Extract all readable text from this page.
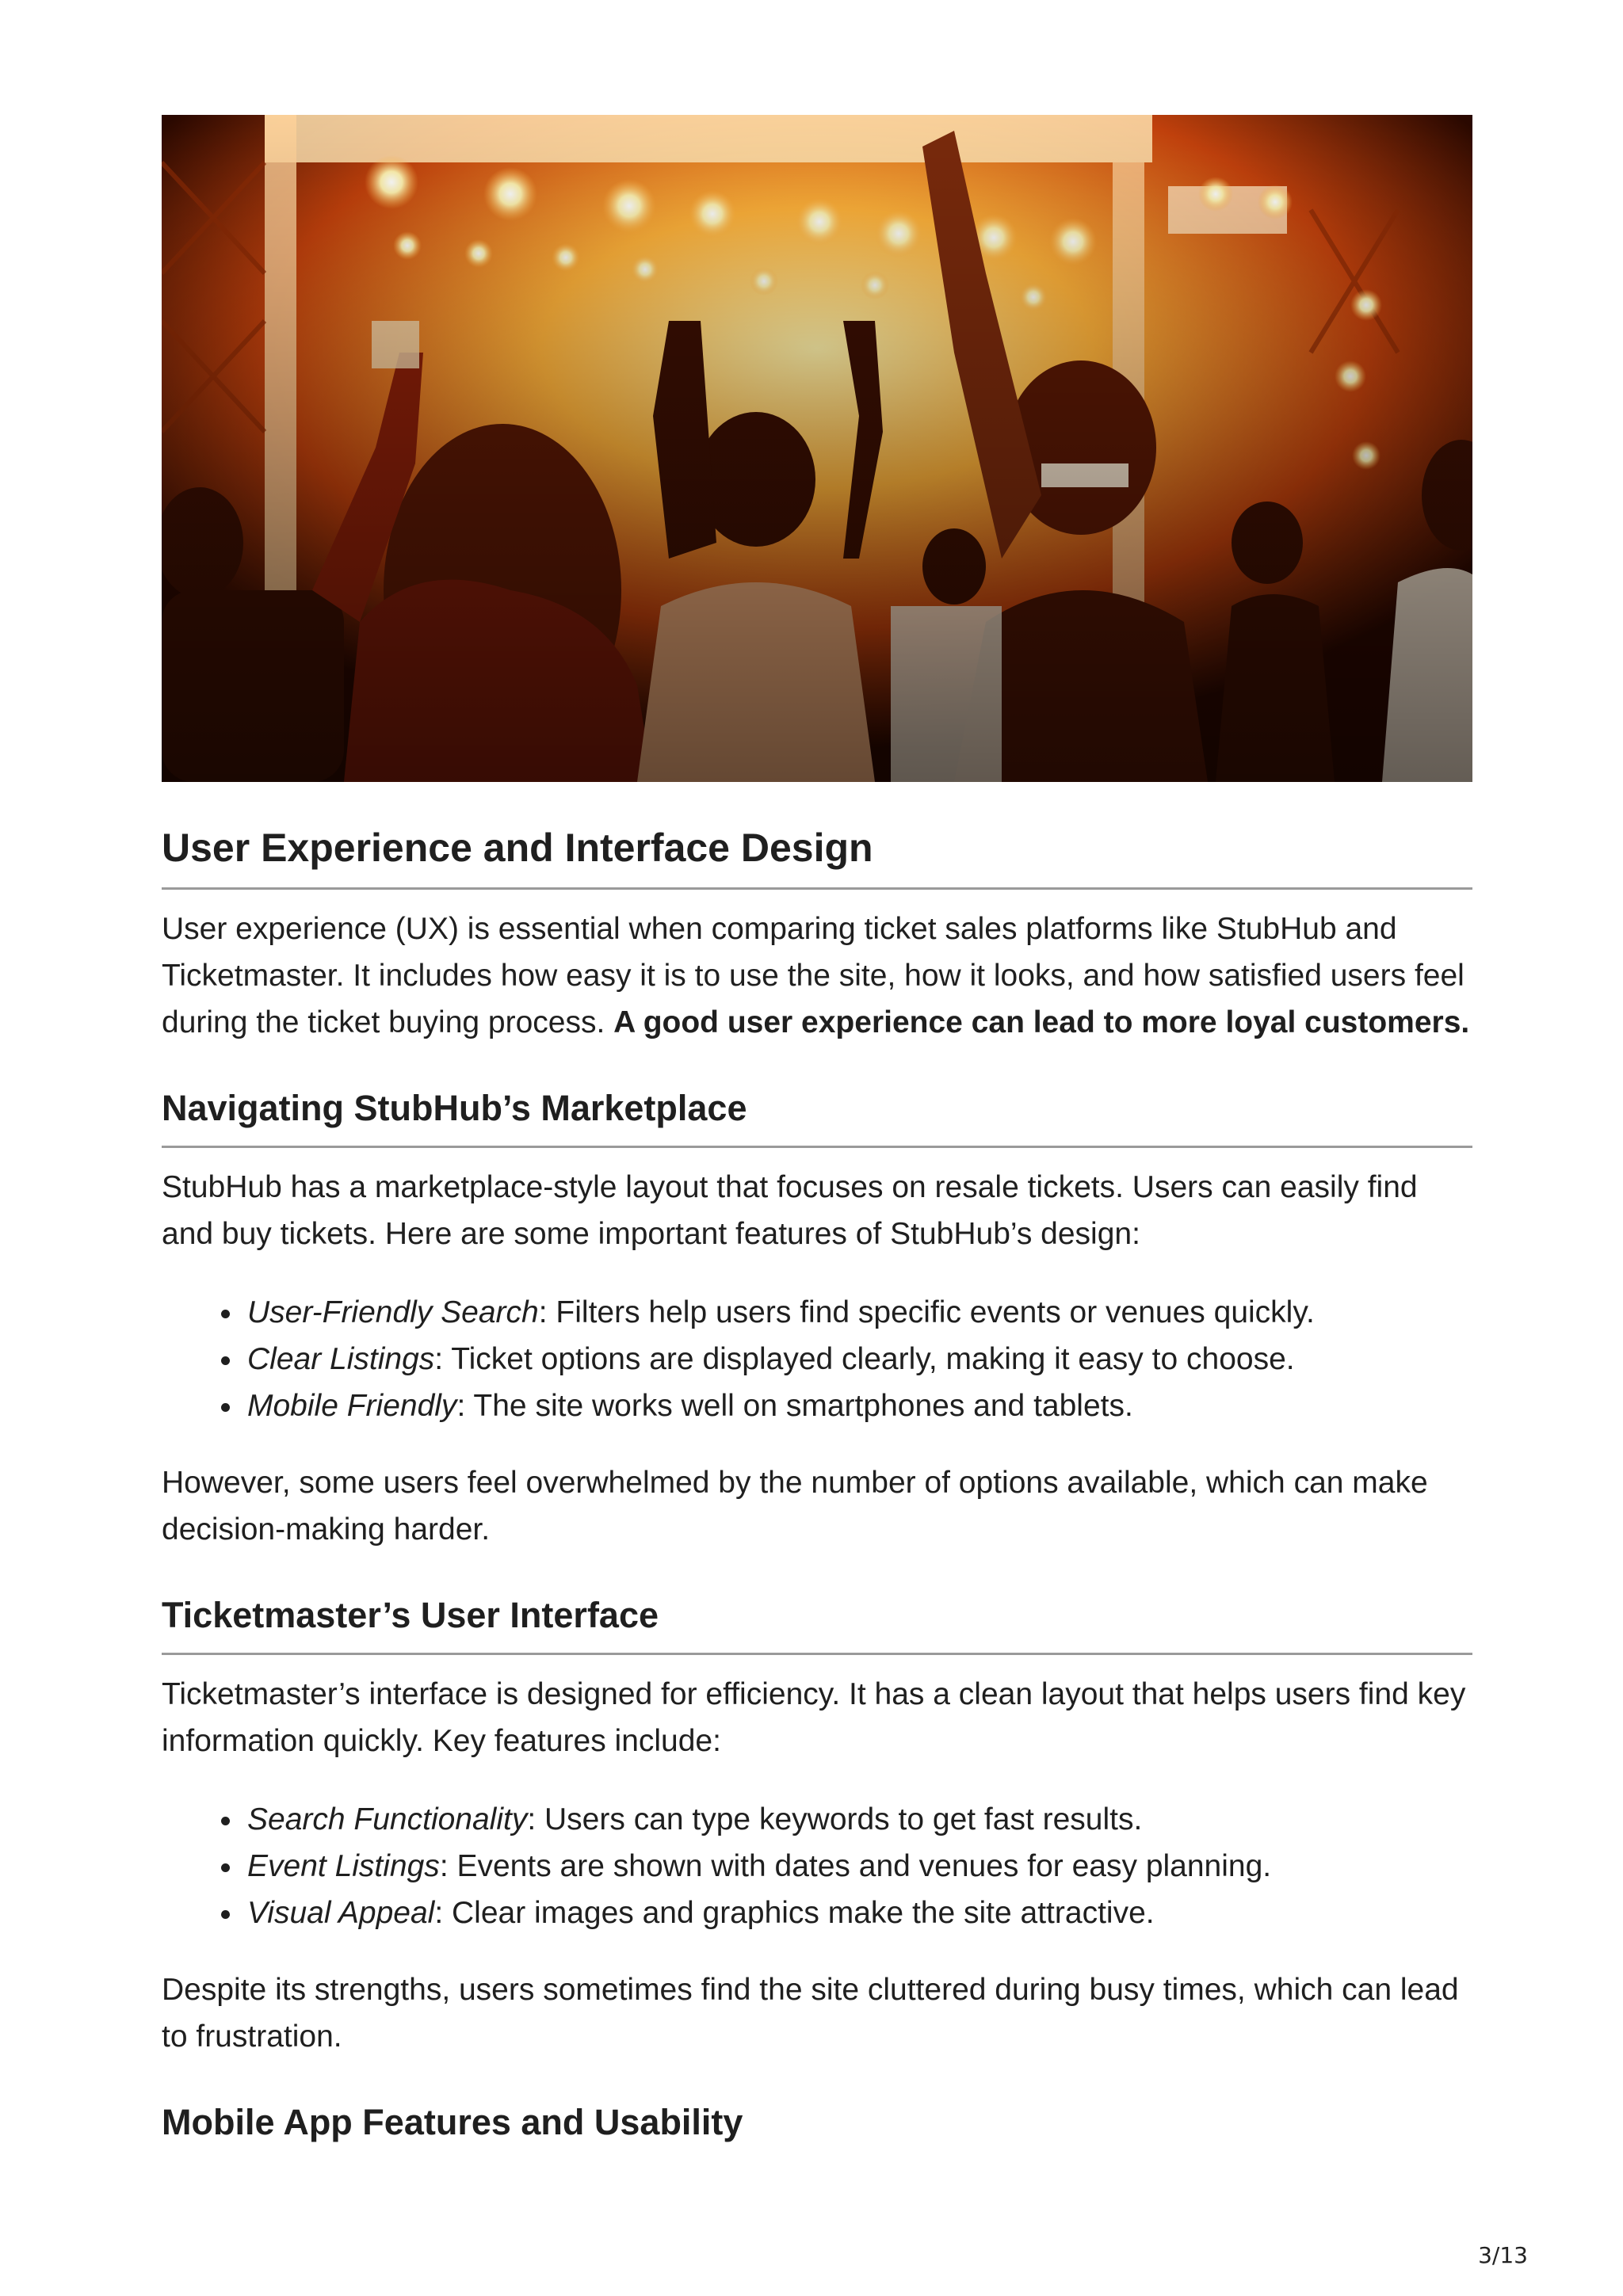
User Experience and Interface Design

User experience (UX) is essential when comparing ticket sales platforms like StubHub and Ticketmaster. It includes how easy it is to use the site, how it looks, and how satisfied users feel during the ticket buying process. A good user experience can lead to more loyal customers.

Navigating StubHub’s Marketplace

StubHub has a marketplace-style layout that focuses on resale tickets. Users can easily find and buy tickets. Here are some important features of StubHub’s design:

• User-Friendly Search: Filters help users find specific events or venues quickly.
• Clear Listings: Ticket options are displayed clearly, making it easy to choose.
• Mobile Friendly: The site works well on smartphones and tablets.

However, some users feel overwhelmed by the number of options available, which can make decision-making harder.

Ticketmaster’s User Interface

Ticketmaster’s interface is designed for efficiency. It has a clean layout that helps users find key information quickly. Key features include:

• Search Functionality: Users can type keywords to get fast results.
• Event Listings: Events are shown with dates and venues for easy planning.
• Visual Appeal: Clear images and graphics make the site attractive.

Despite its strengths, users sometimes find the site cluttered during busy times, which can lead to frustration.

Mobile App Features and Usability
3/13
